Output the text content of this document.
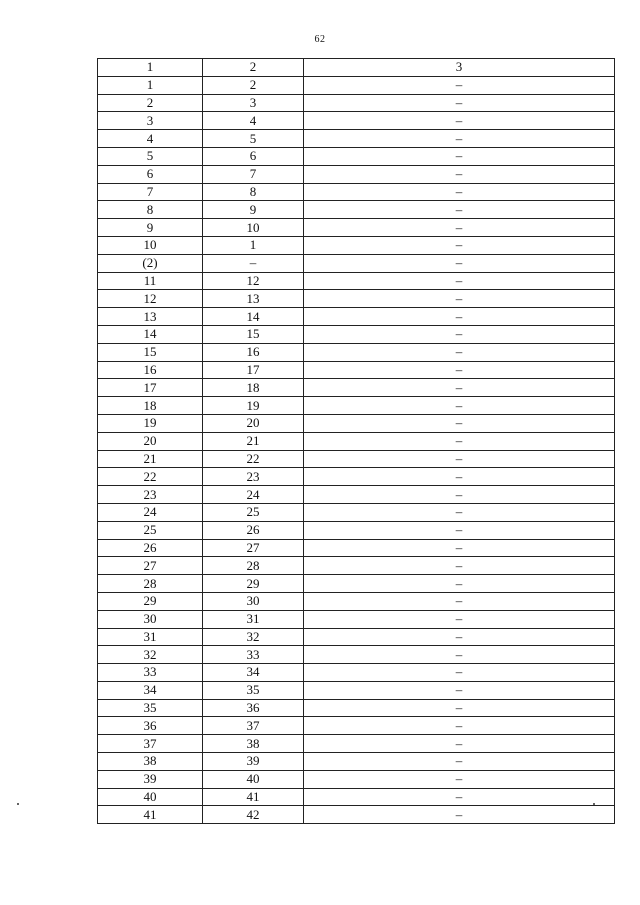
62
1	2	3
1	2	–
2	3	–
3	4	–
4	5	–
5	6	–
6	7	–
7	8	–
8	9	–
9	10	–
10	1	–
(2)	–	–
11	12	–
12	13	–
13	14	–
14	15	–
15	16	–
16	17	–
17	18	–
18	19	–
19	20	–
20	21	–
21	22	–
22	23	–
23	24	–
24	25	–
25	26	–
26	27	–
27	28	–
28	29	–
29	30	–
30	31	–
31	32	–
32	33	–
33	34	–
34	35	–
35	36	–
36	37	–
37	38	–
38	39	–
39	40	–
40	41	–
41	42	–
